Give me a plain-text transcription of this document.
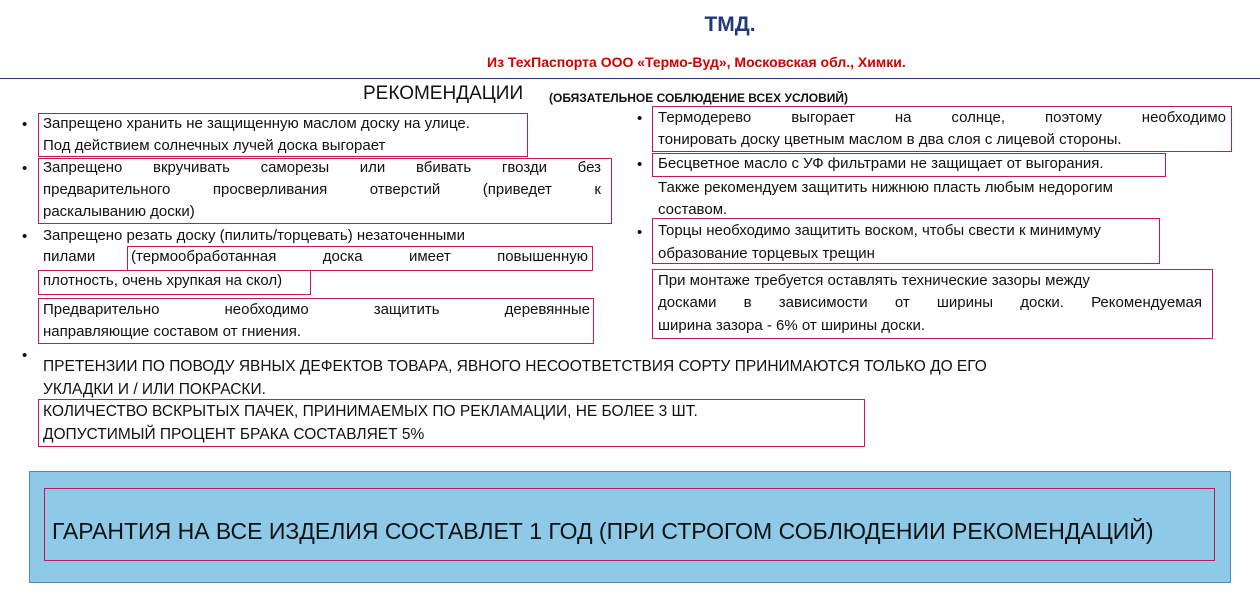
ТМД.
Из ТехПаспорта ООО «Термо-Вуд», Московская обл., Химки.
РЕКОМЕНДАЦИИ (ОБЯЗАТЕЛЬНОЕ СОБЛЮДЕНИЕ ВСЕХ УСЛОВИЙ)
• Запрещено хранить не защищенную маслом доску на улице.
Под действием солнечных лучей доска выгорает
• Запрещено вкручивать саморезы или вбивать гвозди без
предварительного просверливания отверстий (приведет к
раскалыванию доски)
• Запрещено резать доску (пилить/торцевать) незаточенными
пилами (термообработанная доска имеет повышенную
плотность, очень хрупкая на скол)
Предварительно необходимо защитить деревянные
направляющие составом от гниения.
• Термодерево выгорает на солнце, поэтому необходимо
тонировать доску цветным маслом в два слоя с лицевой стороны.
• Бесцветное масло с УФ фильтрами не защищает от выгорания.
Также рекомендуем защитить нижнюю пласть любым недорогим
составом.
• Торцы необходимо защитить воском, чтобы свести к минимуму
образование торцевых трещин
При монтаже требуется оставлять технические зазоры между
досками в зависимости от ширины доски. Рекомендуемая
ширина зазора - 6% от ширины доски.
•
ПРЕТЕНЗИИ ПО ПОВОДУ ЯВНЫХ ДЕФЕКТОВ ТОВАРА, ЯВНОГО НЕСООТВЕТСТВИЯ СОРТУ ПРИНИМАЮТСЯ ТОЛЬКО ДО ЕГО
УКЛАДКИ И / ИЛИ ПОКРАСКИ.
КОЛИЧЕСТВО ВСКРЫТЫХ ПАЧЕК, ПРИНИМАЕМЫХ ПО РЕКЛАМАЦИИ, НЕ БОЛЕЕ 3 ШТ.
ДОПУСТИМЫЙ ПРОЦЕНТ БРАКА СОСТАВЛЯЕТ 5%
ГАРАНТИЯ НА ВСЕ ИЗДЕЛИЯ СОСТАВЛЕТ 1 ГОД (ПРИ СТРОГОМ СОБЛЮДЕНИИ РЕКОМЕНДАЦИЙ)
